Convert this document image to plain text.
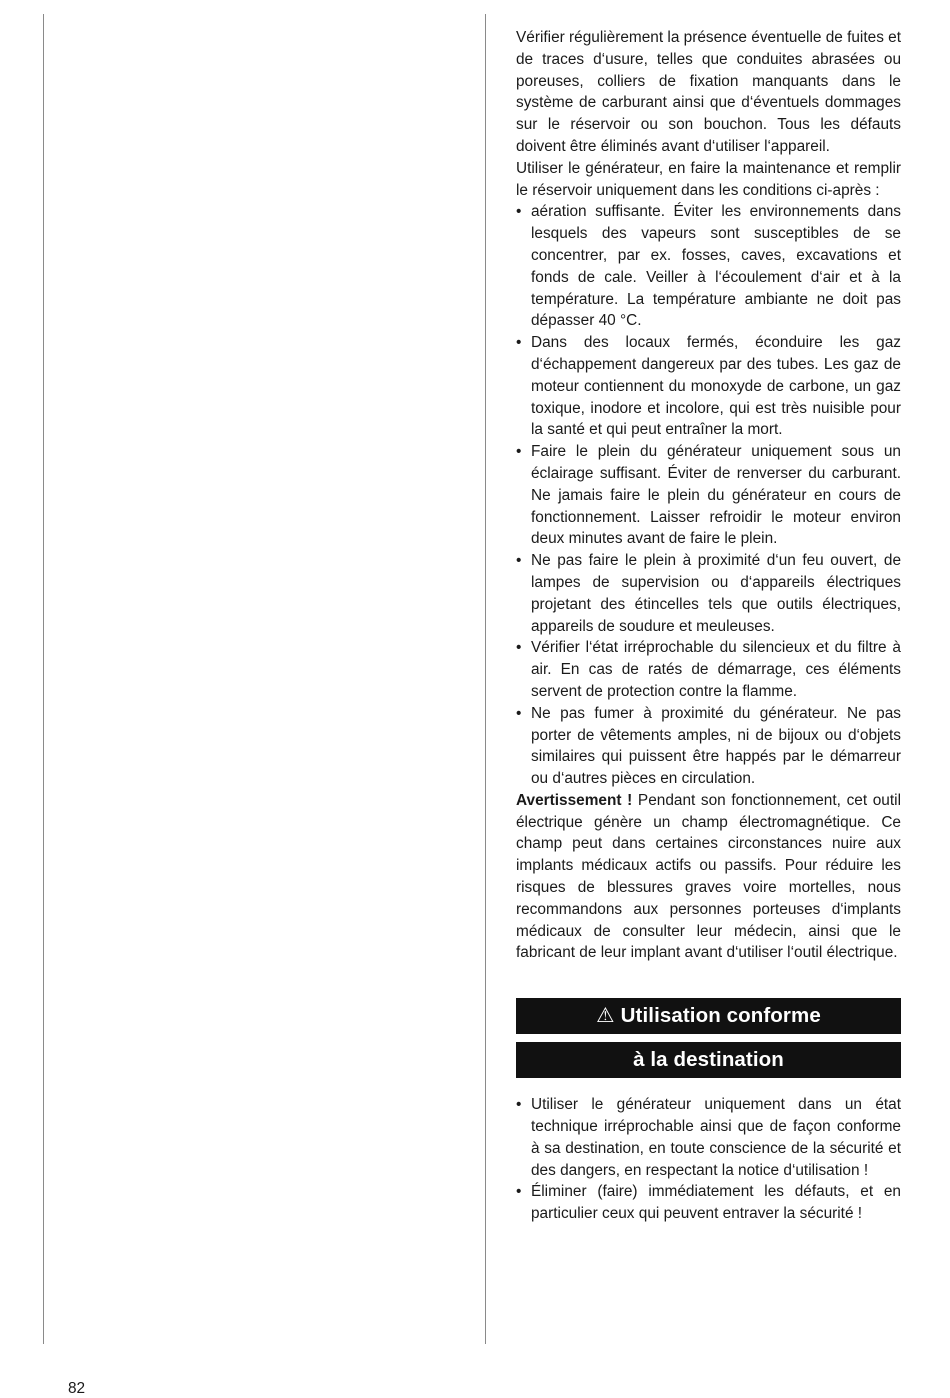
Vérifier régulièrement la présence éventuelle de fuites et de traces d‘usure, telles que conduites abrasées ou poreuses, colliers de fixation manquants dans le système de carburant ainsi que d‘éventuels dommages sur le réservoir ou son bouchon. Tous les défauts doivent être éliminés avant d‘utiliser l‘appareil.

Utiliser le générateur, en faire la maintenance et remplir le réservoir uniquement dans les conditions ci-après :

• aération suffisante. Éviter les environnements dans lesquels des vapeurs sont susceptibles de se concentrer, par ex. fosses, caves, excavations et fonds de cale. Veiller à l‘écoulement d‘air et à la température. La température ambiante ne doit pas dépasser 40 °C.
• Dans des locaux fermés, éconduire les gaz d‘échappement dangereux par des tubes. Les gaz de moteur contiennent du monoxyde de carbone, un gaz toxique, inodore et incolore, qui est très nuisible pour la santé et qui peut entraîner la mort.
• Faire le plein du générateur uniquement sous un éclairage suffisant. Éviter de renverser du carburant. Ne jamais faire le plein du générateur en cours de fonctionnement. Laisser refroidir le moteur environ deux minutes avant de faire le plein.
• Ne pas faire le plein à proximité d‘un feu ouvert, de lampes de supervision ou d‘appareils électriques projetant des étincelles tels que outils électriques, appareils de soudure et meuleuses.
• Vérifier l‘état irréprochable du silencieux et du filtre à air. En cas de ratés de démarrage, ces éléments servent de protection contre la flamme.
• Ne pas fumer à proximité du générateur. Ne pas porter de vêtements amples, ni de bijoux ou d‘objets similaires qui puissent être happés par le démarreur ou d‘autres pièces en circulation.

Avertissement ! Pendant son fonctionnement, cet outil électrique génère un champ électromagnétique. Ce champ peut dans certaines circonstances nuire aux implants médicaux actifs ou passifs. Pour réduire les risques de blessures graves voire mortelles, nous recommandons aux personnes porteuses d‘implants médicaux de consulter leur médecin, ainsi que le fabricant de leur implant avant d‘utiliser l‘outil électrique.

⚠ Utilisation conforme
à la destination
• Utiliser le générateur uniquement dans un état technique irréprochable ainsi que de façon conforme à sa destination, en toute conscience de la sécurité et des dangers, en respectant la notice d‘utilisation !
• Éliminer (faire) immédiatement les défauts, et en particulier ceux qui peuvent entraver la sécurité !
82
